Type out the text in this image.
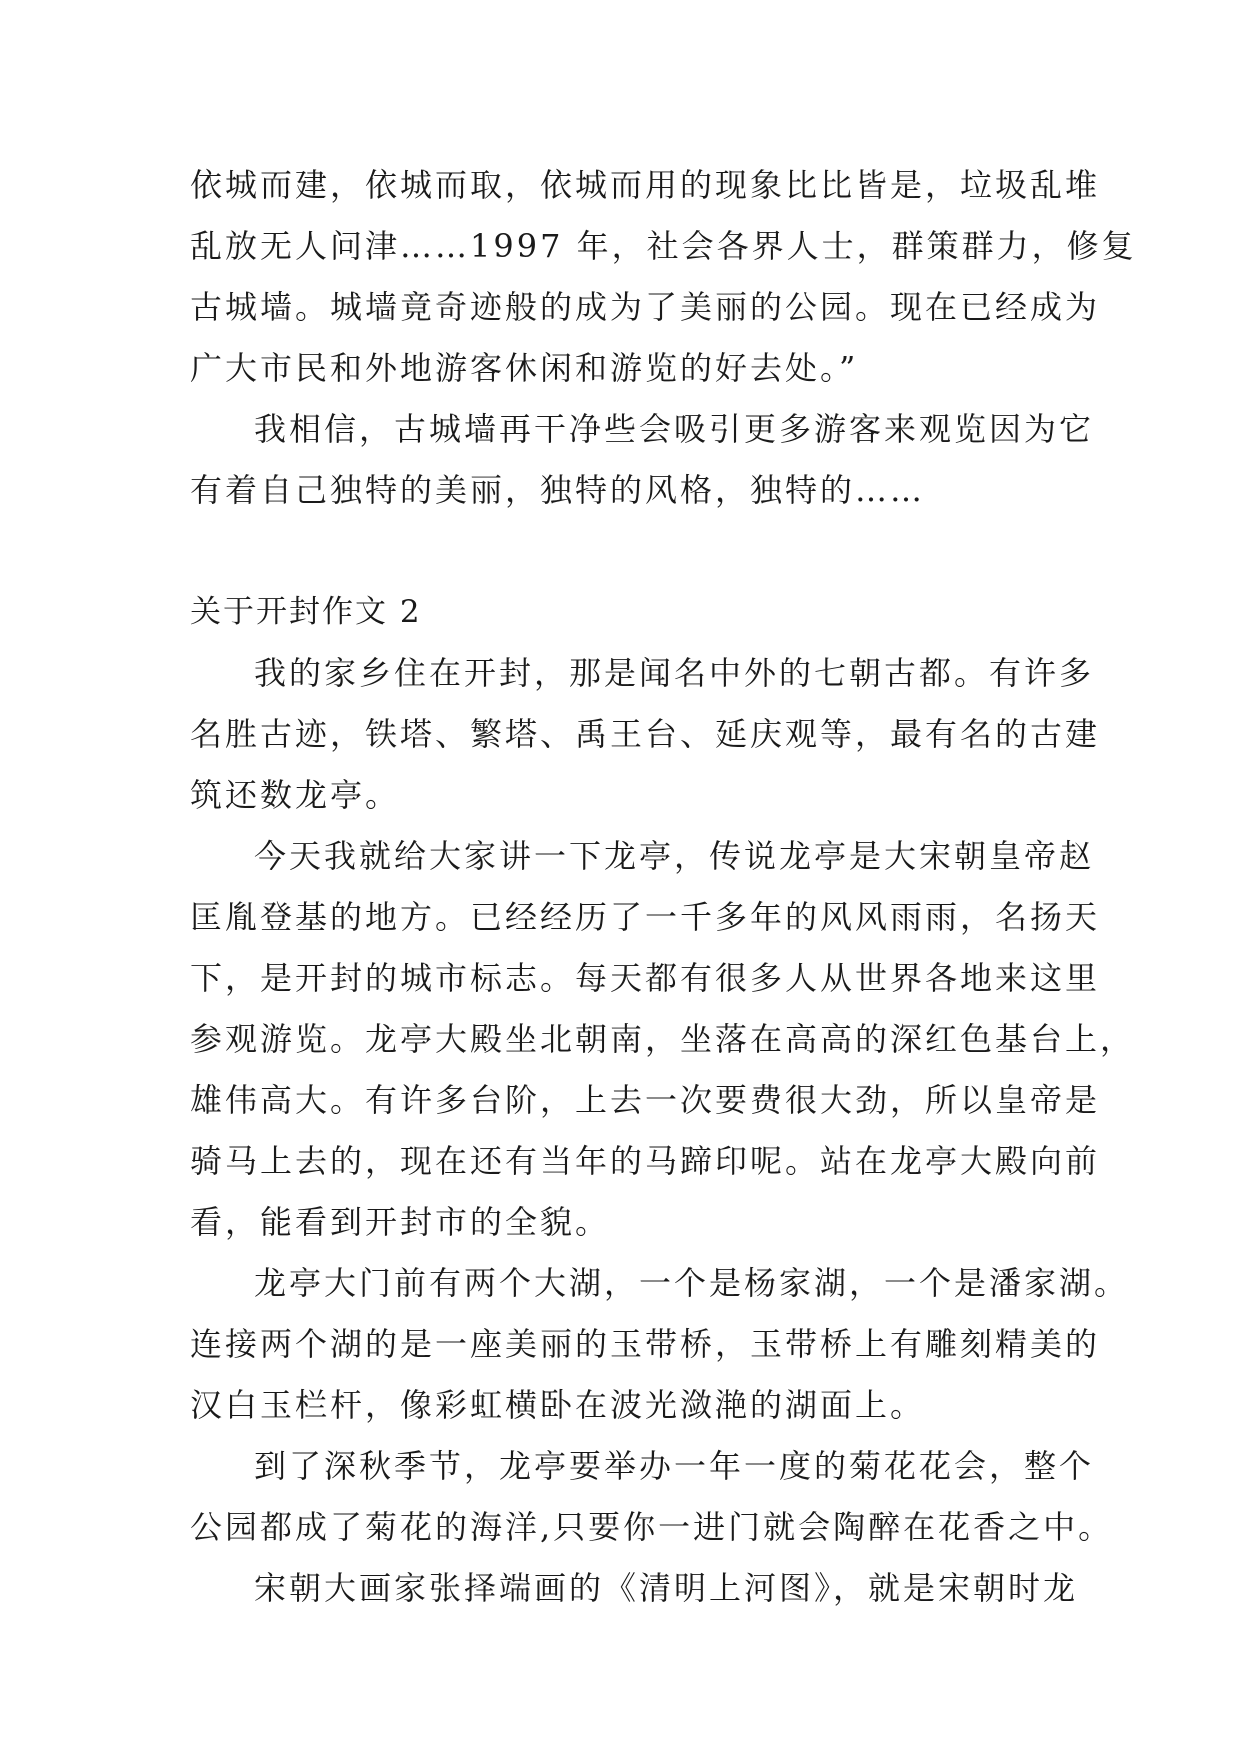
依城而建，依城而取，依城而用的现象比比皆是，垃圾乱堆
乱放无人问津……1997 年，社会各界人士，群策群力，修复
古城墙。城墙竟奇迹般的成为了美丽的公园。现在已经成为
广大市民和外地游客休闲和游览的好去处。”
我相信，古城墙再干净些会吸引更多游客来观览因为它
有着自己独特的美丽，独特的风格，独特的……
关于开封作文 2
我的家乡住在开封，那是闻名中外的七朝古都。有许多
名胜古迹，铁塔、繁塔、禹王台、延庆观等，最有名的古建
筑还数龙亭。
今天我就给大家讲一下龙亭，传说龙亭是大宋朝皇帝赵
匡胤登基的地方。已经经历了一千多年的风风雨雨，名扬天
下，是开封的城市标志。每天都有很多人从世界各地来这里
参观游览。龙亭大殿坐北朝南，坐落在高高的深红色基台上，
雄伟高大。有许多台阶，上去一次要费很大劲，所以皇帝是
骑马上去的，现在还有当年的马蹄印呢。站在龙亭大殿向前
看，能看到开封市的全貌。
龙亭大门前有两个大湖，一个是杨家湖，一个是潘家湖。
连接两个湖的是一座美丽的玉带桥，玉带桥上有雕刻精美的
汉白玉栏杆，像彩虹横卧在波光潋滟的湖面上。
到了深秋季节，龙亭要举办一年一度的菊花花会，整个
公园都成了菊花的海洋,只要你一进门就会陶醉在花香之中。
宋朝大画家张择端画的《清明上河图》，就是宋朝时龙
